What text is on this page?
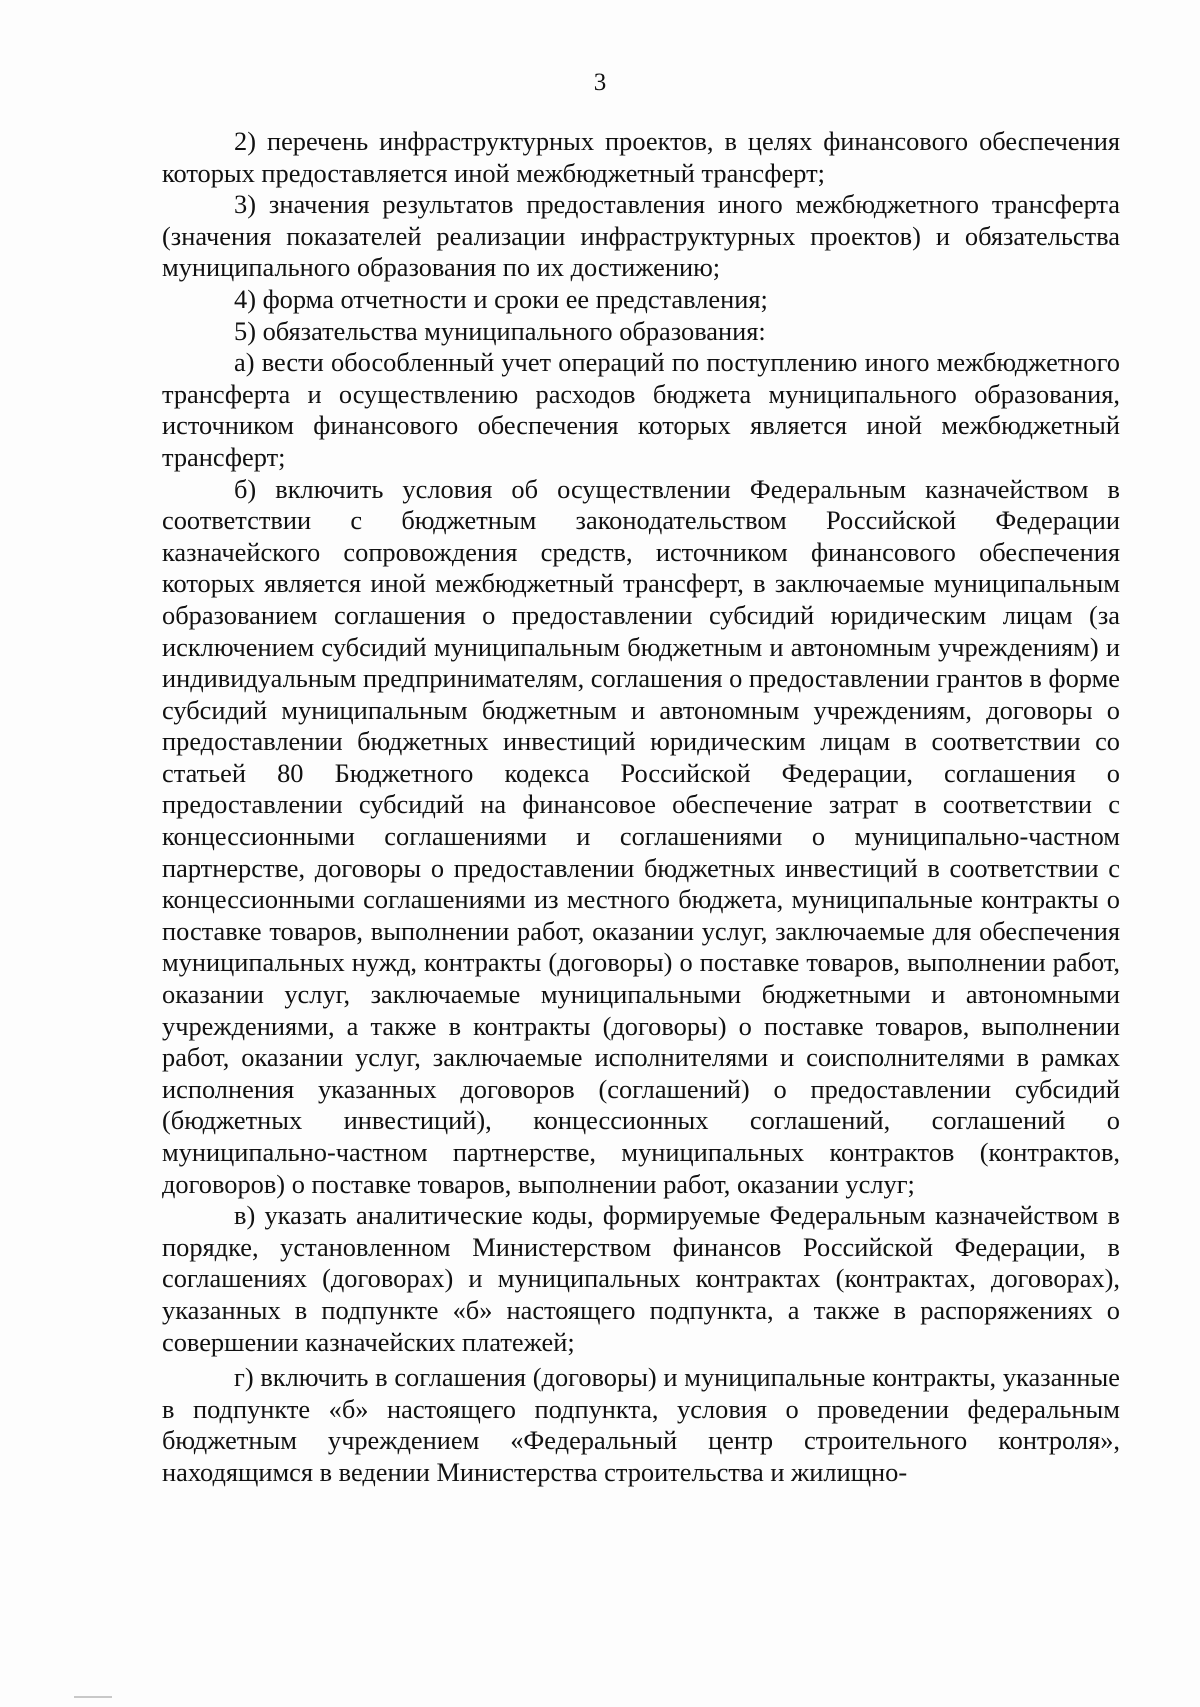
3

2) перечень инфраструктурных проектов, в целях финансового обеспечения которых предоставляется иной межбюджетный трансферт;

3) значения результатов предоставления иного межбюджетного трансферта (значения показателей реализации инфраструктурных проектов) и обязательства муниципального образования по их достижению;

4) форма отчетности и сроки ее представления;

5) обязательства муниципального образования:

а) вести обособленный учет операций по поступлению иного межбюджетного трансферта и осуществлению расходов бюджета муниципального образования, источником финансового обеспечения которых является иной межбюджетный трансферт;

б) включить условия об осуществлении Федеральным казначейством в соответствии с бюджетным законодательством Российской Федерации казначейского сопровождения средств, источником финансового обеспечения которых является иной межбюджетный трансферт, в заключаемые муниципальным образованием соглашения о предоставлении субсидий юридическим лицам (за исключением субсидий муниципальным бюджетным и автономным учреждениям) и индивидуальным предпринимателям, соглашения о предоставлении грантов в форме субсидий муниципальным бюджетным и автономным учреждениям, договоры о предоставлении бюджетных инвестиций юридическим лицам в соответствии со статьей 80 Бюджетного кодекса Российской Федерации, соглашения о предоставлении субсидий на финансовое обеспечение затрат в соответствии с концессионными соглашениями и соглашениями о муниципально-частном партнерстве, договоры о предоставлении бюджетных инвестиций в соответствии с концессионными соглашениями из местного бюджета, муниципальные контракты о поставке товаров, выполнении работ, оказании услуг, заключаемые для обеспечения муниципальных нужд, контракты (договоры) о поставке товаров, выполнении работ, оказании услуг, заключаемые муниципальными бюджетными и автономными учреждениями, а также в контракты (договоры) о поставке товаров, выполнении работ, оказании услуг, заключаемые исполнителями и соисполнителями в рамках исполнения указанных договоров (соглашений) о предоставлении субсидий (бюджетных инвестиций), концессионных соглашений, соглашений о муниципально-частном партнерстве, муниципальных контрактов (контрактов, договоров) о поставке товаров, выполнении работ, оказании услуг;

в) указать аналитические коды, формируемые Федеральным казначейством в порядке, установленном Министерством финансов Российской Федерации, в соглашениях (договорах) и муниципальных контрактах (контрактах, договорах), указанных в подпункте «б» настоящего подпункта, а также в распоряжениях о совершении казначейских платежей;

г) включить в соглашения (договоры) и муниципальные контракты, указанные в подпункте «б» настоящего подпункта, условия о проведении федеральным бюджетным учреждением «Федеральный центр строительного контроля», находящимся в ведении Министерства строительства и жилищно-
